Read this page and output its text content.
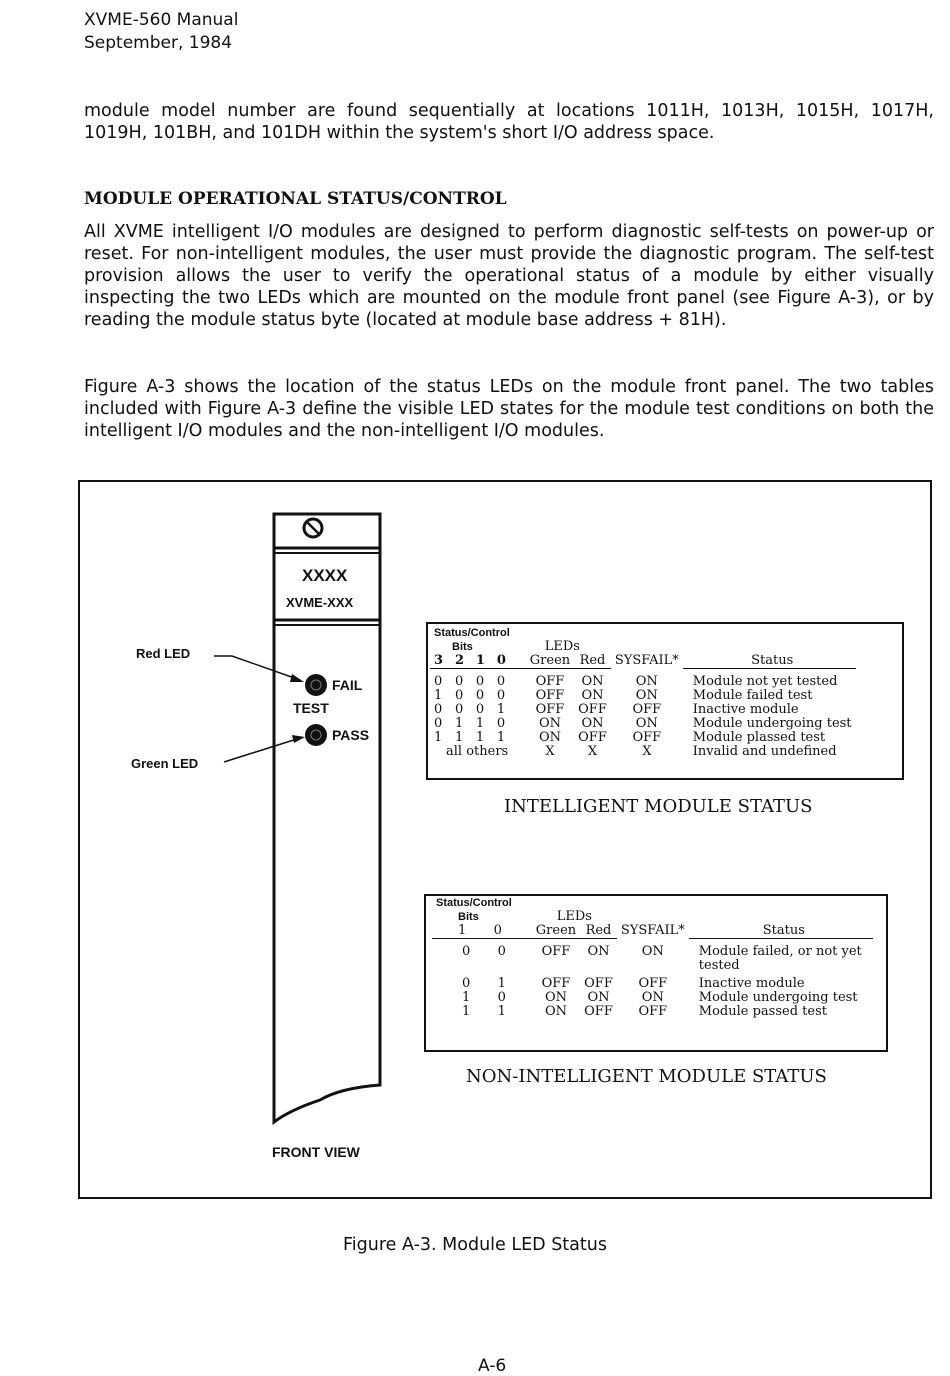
XVME-560 Manual
September, 1984

module model number are found sequentially at locations 1011H, 1013H, 1015H, 1017H, 1019H, 101BH, and 101DH within the system's short I/O address space.

MODULE OPERATIONAL STATUS/CONTROL

All XVME intelligent I/O modules are designed to perform diagnostic self-tests on power-up or reset. For non-intelligent modules, the user must provide the diagnostic program. The self-test provision allows the user to verify the operational status of a module by either visually inspecting the two LEDs which are mounted on the module front panel (see Figure A-3), or by reading the module status byte (located at module base address + 81H).

Figure A-3 shows the location of the status LEDs on the module front panel. The two tables included with Figure A-3 define the visible LED states for the module test conditions on both the intelligent I/O modules and the non-intelligent I/O modules.

XXXX
XVME-XXX
Red LED
Green LED
FAIL
TEST
PASS
FRONT VIEW
Status/Control							
Bits				LEDs			
3	2	1	0	Green	Red	SYSFAIL*	Status

0	0	0	0	OFF	ON	ON	Module not yet tested
1	0	0	0	OFF	ON	ON	Module failed test
0	0	0	1	OFF	OFF	OFF	Inactive module
0	1	1	0	ON	ON	ON	Module undergoing test
1	1	1	1	ON	OFF	OFF	Module plassed test
all others				X	X	X	Invalid and undefined
INTELLIGENT MODULE STATUS
Status/Control					
Bits		LEDs			
1	0	Green	Red	SYSFAIL*	Status

0	0	OFF	ON	ON	Module failed, or not yet
					tested

0	1	OFF	OFF	OFF	Inactive module
1	0	ON	ON	ON	Module undergoing test
1	1	ON	OFF	OFF	Module passed test
NON-INTELLIGENT MODULE STATUS
Figure A-3. Module LED Status
A-6
